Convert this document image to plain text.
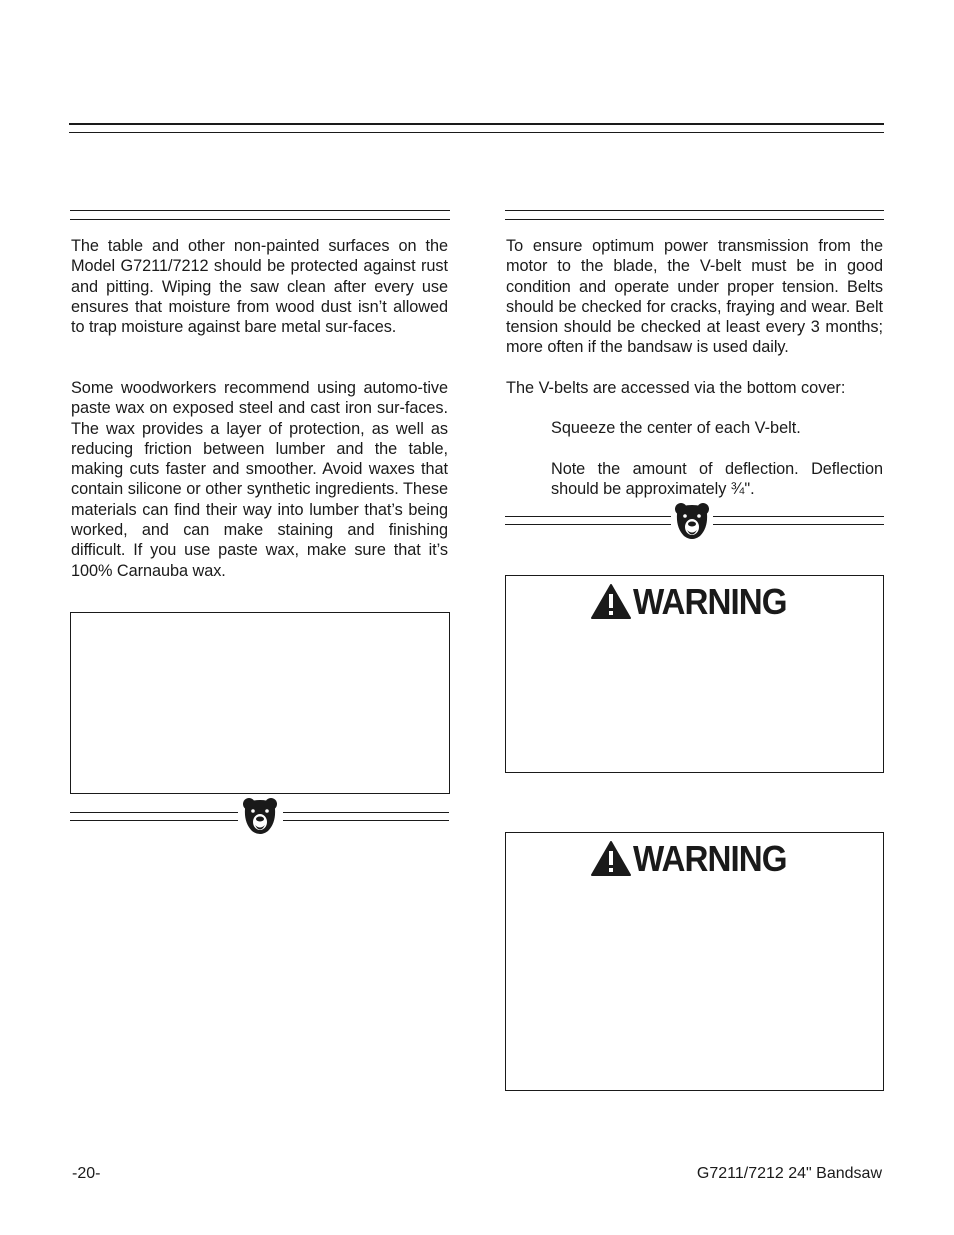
The table and other non-painted surfaces on the Model G7211/7212 should be protected against rust and pitting. Wiping the saw clean after every use ensures that moisture from wood dust isn’t allowed to trap moisture against bare metal sur-faces.

Some woodworkers recommend using automo-tive paste wax on exposed steel and cast iron sur-faces. The wax provides a layer of protection, as well as reducing friction between lumber and the table, making cuts faster and smoother. Avoid waxes that contain silicone or other synthetic ingredients. These materials can find their way into lumber that’s being worked, and can make staining and finishing difficult. If you use paste wax, make sure that it’s 100% Carnauba wax.

To ensure optimum power transmission from the motor to the blade, the V-belt must be in good condition and operate under proper tension. Belts should be checked for cracks, fraying and wear. Belt tension should be checked at least every 3 months; more often if the bandsaw is used daily.

The V-belts are accessed via the bottom cover:

Squeeze the center of each V-belt.

Note the amount of deflection. Deflection should be approximately ¾".

WARNING
WARNING
-20-	G7211/7212 24" Bandsaw
